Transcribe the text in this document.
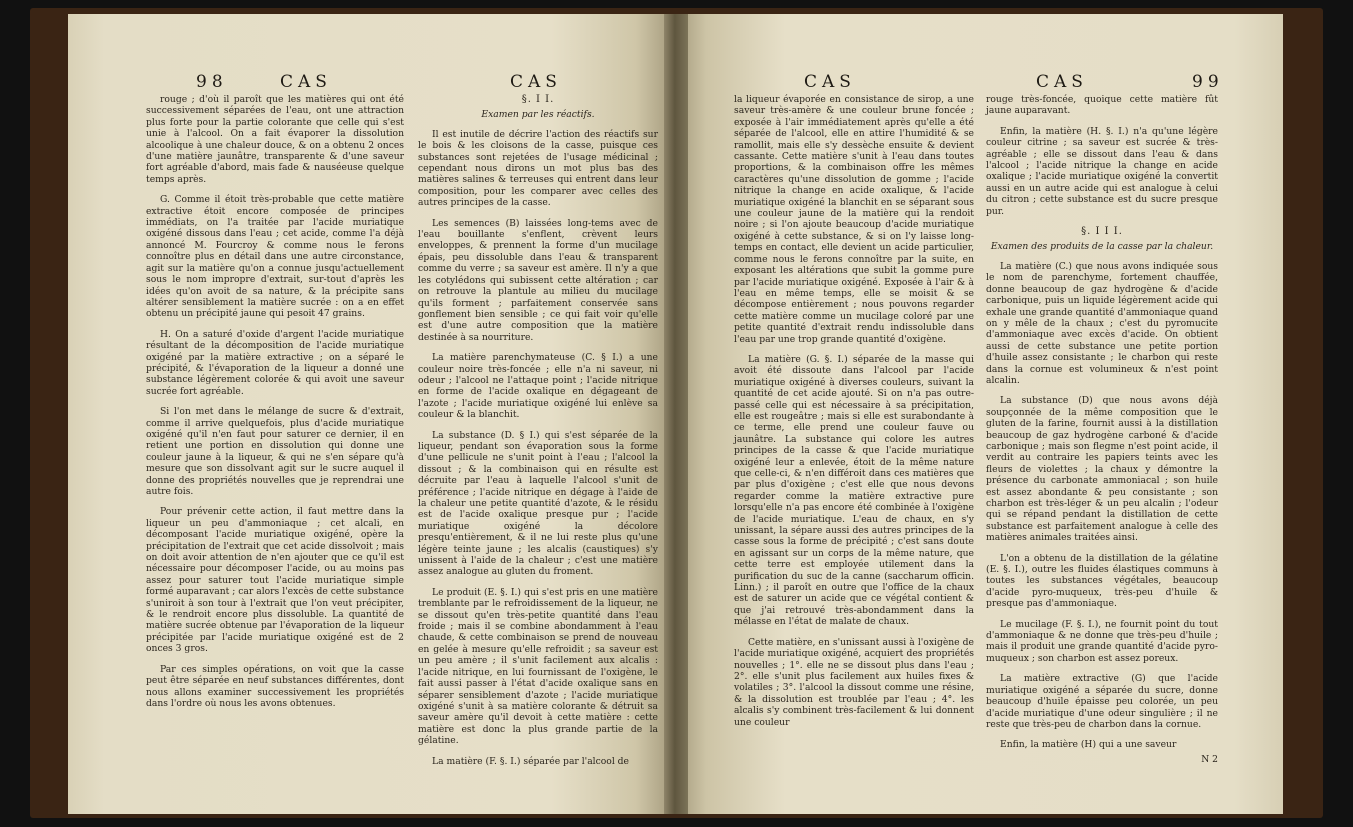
98	CAS	CAS

rouge ; d'où il paroît que les matières qui ont été successivement séparées de l'eau, ont une attraction plus forte pour la partie colorante que celle qui s'est unie à l'alcool. On a fait évaporer la dissolution alcoolique à une chaleur douce, & on a obtenu 2 onces d'une matière jaunâtre, transparente & d'une saveur fort agréable d'abord, mais fade & nauséeuse quelque temps après.

G. Comme il étoit très-probable que cette matière extractive étoit encore composée de principes immédiats, on l'a traitée par l'acide muriatique oxigéné dissous dans l'eau ; cet acide, comme l'a déjà annoncé M. Fourcroy & comme nous le ferons connoître plus en détail dans une autre circonstance, agit sur la matière qu'on a connue jusqu'actuellement sous le nom impropre d'extrait, sur-tout d'après les idées qu'on avoit de sa nature, & la précipite sans altérer sensiblement la matière sucrée : on a en effet obtenu un précipité jaune qui pesoit 47 grains.

H. On a saturé d'oxide d'argent l'acide muriatique résultant de la décomposition de l'acide muriatique oxigéné par la matière extractive ; on a séparé le précipité, & l'évaporation de la liqueur a donné une substance légèrement colorée & qui avoit une saveur sucrée fort agréable.

Si l'on met dans le mélange de sucre & d'extrait, comme il arrive quelquefois, plus d'acide muriatique oxigéné qu'il n'en faut pour saturer ce dernier, il en retient une portion en dissolution qui donne une couleur jaune à la liqueur, & qui ne s'en sépare qu'à mesure que son dissolvant agit sur le sucre auquel il donne des propriétés nouvelles que je reprendrai une autre fois.

Pour prévenir cette action, il faut mettre dans la liqueur un peu d'ammoniaque ; cet alcali, en décomposant l'acide muriatique oxigéné, opère la précipitation de l'extrait que cet acide dissolvoit ; mais on doit avoir attention de n'en ajouter que ce qu'il est nécessaire pour décomposer l'acide, ou au moins pas assez pour saturer tout l'acide muriatique simple formé auparavant ; car alors l'excès de cette substance s'uniroit à son tour à l'extrait que l'on veut précipiter, & le rendroit encore plus dissoluble. La quantité de matière sucrée obtenue par l'évaporation de la liqueur précipitée par l'acide muriatique oxigéné est de 2 onces 3 gros.

Par ces simples opérations, on voit que la casse peut être séparée en neuf substances différentes, dont nous allons examiner successivement les propriétés dans l'ordre où nous les avons obtenues.

§. I I.

Examen par les réactifs.

Il est inutile de décrire l'action des réactifs sur le bois & les cloisons de la casse, puisque ces substances sont rejetées de l'usage médicinal ; cependant nous dirons un mot plus bas des matières salines & terreuses qui entrent dans leur composition, pour les comparer avec celles des autres principes de la casse.

Les semences (B) laissées long-tems avec de l'eau bouillante s'enflent, crèvent leurs enveloppes, & prennent la forme d'un mucilage épais, peu dissoluble dans l'eau & transparent comme du verre ; sa saveur est amère. Il n'y a que les cotylédons qui subissent cette altération ; car on retrouve la plantule au milieu du mucilage qu'ils forment ; parfaitement conservée sans gonflement bien sensible ; ce qui fait voir qu'elle est d'une autre composition que la matière destinée à sa nourriture.

La matière parenchymateuse (C. § I.) a une couleur noire très-foncée ; elle n'a ni saveur, ni odeur ; l'alcool ne l'attaque point ; l'acide nitrique en forme de l'acide oxalique en dégageant de l'azote ; l'acide muriatique oxigéné lui enlève sa couleur & la blanchit.

La substance (D. § I.) qui s'est séparée de la liqueur, pendant son évaporation sous la forme d'une pellicule ne s'unit point à l'eau ; l'alcool la dissout ; & la combinaison qui en résulte est décruite par l'eau à laquelle l'alcool s'unit de préférence ; l'acide nitrique en dégage à l'aide de la chaleur une petite quantité d'azote, & le résidu est de l'acide oxalique presque pur ; l'acide muriatique oxigéné la décolore presqu'entièrement, & il ne lui reste plus qu'une légère teinte jaune ; les alcalis (caustiques) s'y unissent à l'aide de la chaleur ; c'est une matière assez analogue au gluten du froment.

Le produit (E. §. I.) qui s'est pris en une matière tremblante par le refroidissement de la liqueur, ne se dissout qu'en très-petite quantité dans l'eau froide ; mais il se combine abondamment à l'eau chaude, & cette combinaison se prend de nouveau en gelée à mesure qu'elle refroidit ; sa saveur est un peu amère ; il s'unit facilement aux alcalis : l'acide nitrique, en lui fournissant de l'oxigène, le fait aussi passer à l'état d'acide oxalique sans en séparer sensiblement d'azote ; l'acide muriatique oxigéné s'unit à sa matière colorante & détruit sa saveur amère qu'il devoit à cette matière : cette matière est donc la plus grande partie de la gélatine.

La matière (F. §. I.) séparée par l'alcool de

CAS	CAS	99

la liqueur évaporée en consistance de sirop, a une saveur très-amère & une couleur brune foncée ; exposée à l'air immédiatement après qu'elle a été séparée de l'alcool, elle en attire l'humidité & se ramollit, mais elle s'y dessèche ensuite & devient cassante. Cette matière s'unit à l'eau dans toutes proportions, & la combinaison offre les mêmes caractères qu'une dissolution de gomme ; l'acide nitrique la change en acide oxalique, & l'acide muriatique oxigéné la blanchit en se séparant sous une couleur jaune de la matière qui la rendoit noire ; si l'on ajoute beaucoup d'acide muriatique oxigéné à cette substance, & si on l'y laisse long-temps en contact, elle devient un acide particulier, comme nous le ferons connoître par la suite, en exposant les altérations que subit la gomme pure par l'acide muriatique oxigéné. Exposée à l'air & à l'eau en même temps, elle se moisit & se décompose entièrement ; nous pouvons regarder cette matière comme un mucilage coloré par une petite quantité d'extrait rendu indissoluble dans l'eau par une trop grande quantité d'oxigène.

La matière (G. §. I.) séparée de la masse qui avoit été dissoute dans l'alcool par l'acide muriatique oxigéné à diverses couleurs, suivant la quantité de cet acide ajouté. Si on n'a pas outre-passé celle qui est nécessaire à sa précipitation, elle est rougeâtre ; mais si elle est surabondante à ce terme, elle prend une couleur fauve ou jaunâtre. La substance qui colore les autres principes de la casse & que l'acide muriatique oxigéné leur a enlevée, étoit de la même nature que celle-ci, & n'en différoit dans ces matières que par plus d'oxigène ; c'est elle que nous devons regarder comme la matière extractive pure lorsqu'elle n'a pas encore été combinée à l'oxigène de l'acide muriatique. L'eau de chaux, en s'y unissant, la sépare aussi des autres principes de la casse sous la forme de précipité ; c'est sans doute en agissant sur un corps de la même nature, que cette terre est employée utilement dans la purification du suc de la canne (saccharum officin. Linn.) ; il paroît en outre que l'office de la chaux est de saturer un acide que ce végétal contient & que j'ai retrouvé très-abondamment dans la mélasse en l'état de malate de chaux.

Cette matière, en s'unissant aussi à l'oxigène de l'acide muriatique oxigéné, acquiert des propriétés nouvelles ; 1°. elle ne se dissout plus dans l'eau ; 2°. elle s'unit plus facilement aux huiles fixes & volatiles ; 3°. l'alcool la dissout comme une résine, & la dissolution est troublée par l'eau ; 4°. les alcalis s'y combinent très-facilement & lui donnent une couleur

rouge très-foncée, quoique cette matière fût jaune auparavant.

Enfin, la matière (H. §. I.) n'a qu'une légère couleur citrine ; sa saveur est sucrée & très-agréable ; elle se dissout dans l'eau & dans l'alcool ; l'acide nitrique la change en acide oxalique ; l'acide muriatique oxigéné la convertit aussi en un autre acide qui est analogue à celui du citron ; cette substance est du sucre presque pur.

§. I I I.

Examen des produits de la casse par la chaleur.

La matière (C.) que nous avons indiquée sous le nom de parenchyme, fortement chauffée, donne beaucoup de gaz hydrogène & d'acide carbonique, puis un liquide légèrement acide qui exhale une grande quantité d'ammoniaque quand on y mêle de la chaux ; c'est du pyromucite d'ammoniaque avec excès d'acide. On obtient aussi de cette substance une petite portion d'huile assez consistante ; le charbon qui reste dans la cornue est volumineux & n'est point alcalin.

La substance (D) que nous avons déjà soupçonnée de la même composition que le gluten de la farine, fournit aussi à la distillation beaucoup de gaz hydrogène carboné & d'acide carbonique ; mais son flegme n'est point acide, il verdit au contraire les papiers teints avec les fleurs de violettes ; la chaux y démontre la présence du carbonate ammoniacal ; son huile est assez abondante & peu consistante ; son charbon est très-léger & un peu alcalin ; l'odeur qui se répand pendant la distillation de cette substance est parfaitement analogue à celle des matières animales traitées ainsi.

L'on a obtenu de la distillation de la gélatine (E. §. I.), outre les fluides élastiques communs à toutes les substances végétales, beaucoup d'acide pyro-muqueux, très-peu d'huile & presque pas d'ammoniaque.

Le mucilage (F. §. I.), ne fournit point du tout d'ammoniaque & ne donne que très-peu d'huile ; mais il produit une grande quantité d'acide pyro-muqueux ; son charbon est assez poreux.

La matière extractive (G) que l'acide muriatique oxigéné a séparée du sucre, donne beaucoup d'huile épaisse peu colorée, un peu d'acide muriatique d'une odeur singulière ; il ne reste que très-peu de charbon dans la cornue.

Enfin, la matière (H) qui a une saveur

N 2
